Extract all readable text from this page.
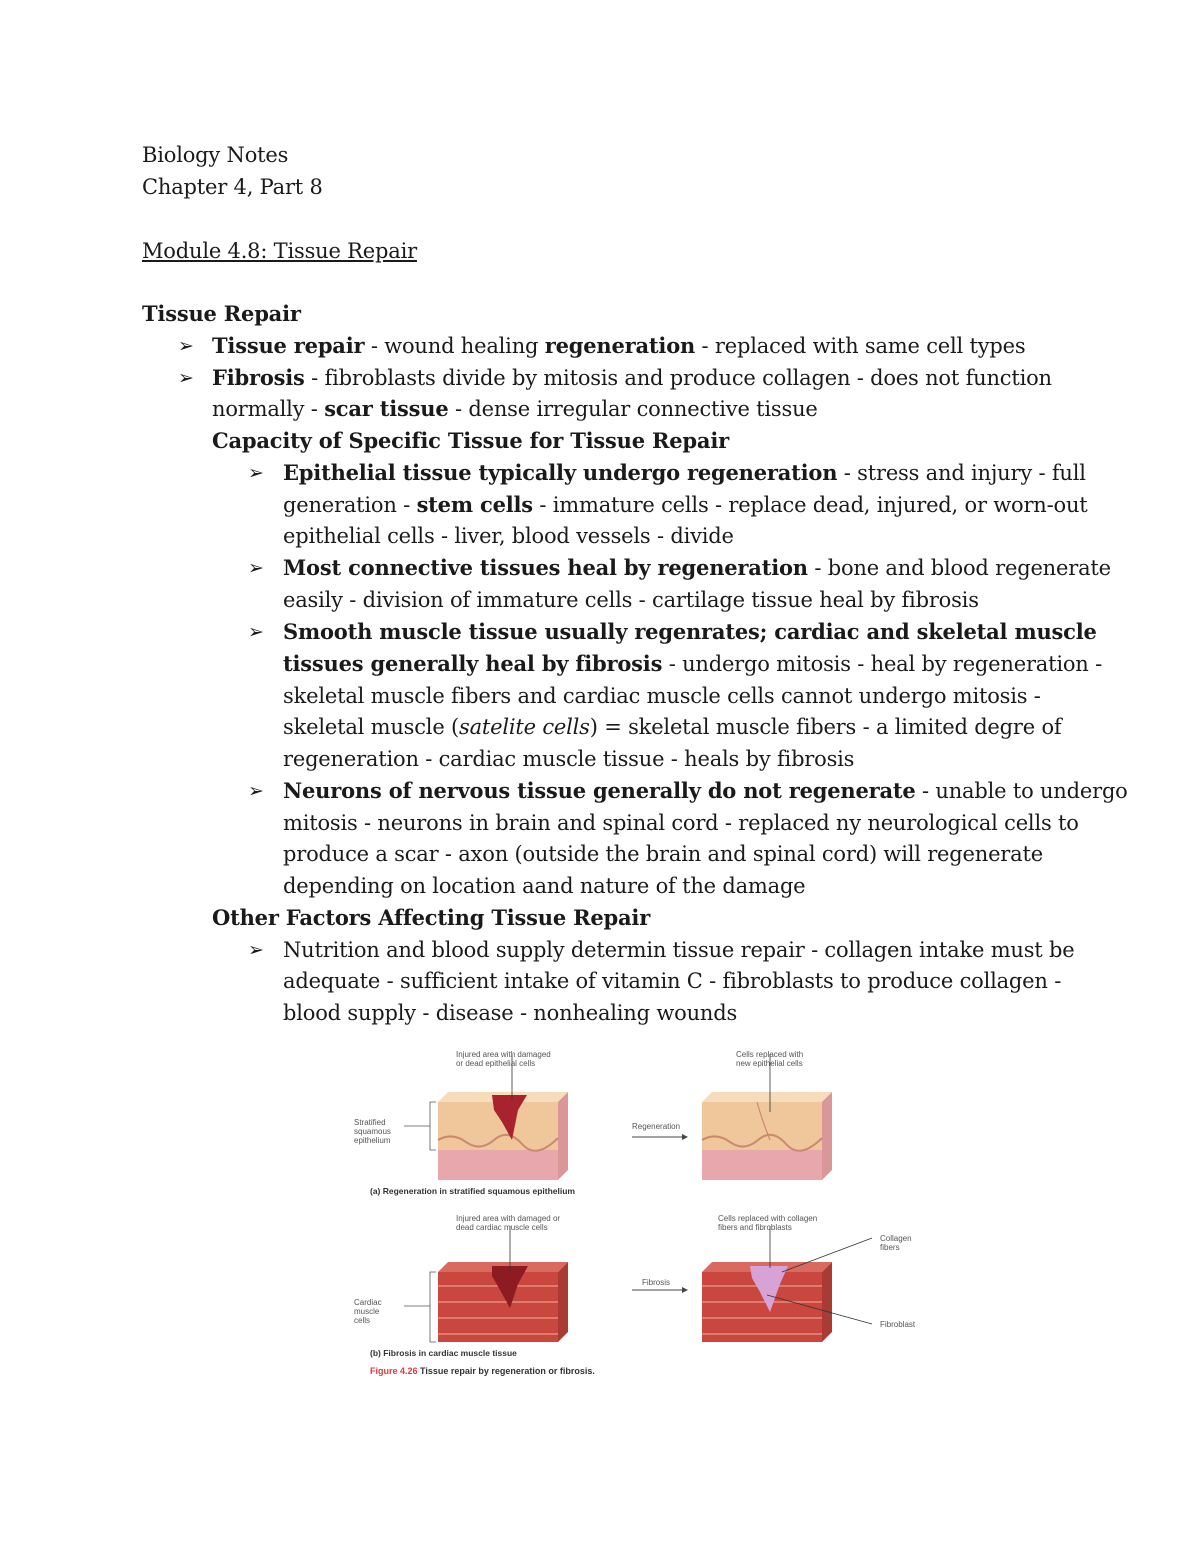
Biology Notes
Chapter 4, Part 8
Module 4.8: Tissue Repair
Tissue Repair
➢ Tissue repair - wound healing regeneration - replaced with same cell types
➢ Fibrosis - fibroblasts divide by mitosis and produce collagen - does not function
normally - scar tissue - dense irregular connective tissue
Capacity of Specific Tissue for Tissue Repair
➢ Epithelial tissue typically undergo regeneration - stress and injury - full
generation - stem cells - immature cells - replace dead, injured, or worn-out
epithelial cells - liver, blood vessels - divide
➢ Most connective tissues heal by regeneration - bone and blood regenerate
easily - division of immature cells - cartilage tissue heal by fibrosis
➢ Smooth muscle tissue usually regenrates; cardiac and skeletal muscle
tissues generally heal by fibrosis - undergo mitosis - heal by regeneration -
skeletal muscle fibers and cardiac muscle cells cannot undergo mitosis -
skeletal muscle (satelite cells) = skeletal muscle fibers - a limited degre of
regeneration - cardiac muscle tissue - heals by fibrosis
➢ Neurons of nervous tissue generally do not regenerate - unable to undergo
mitosis - neurons in brain and spinal cord - replaced ny neurological cells to
produce a scar - axon (outside the brain and spinal cord) will regenerate
depending on location aand nature of the damage
Other Factors Affecting Tissue Repair
➢ Nutrition and blood supply determin tissue repair - collagen intake must be
adequate - sufficient intake of vitamin C - fibroblasts to produce collagen -
blood supply - disease - nonhealing wounds
Injured area with damaged
or dead epithelial cells
Cells replaced with
new epithelial cells
Stratified
squamous
epithelium
Regeneration
(a) Regeneration in stratified squamous epithelium
Injured area with damaged or
dead cardiac muscle cells
Cells replaced with collagen
fibers and fibroblasts
Collagen
fibers
Fibrosis
Cardiac
muscle
cells	Fibroblast
(b) Fibrosis in cardiac muscle tissue
Figure 4.26 Tissue repair by regeneration or fibrosis.
